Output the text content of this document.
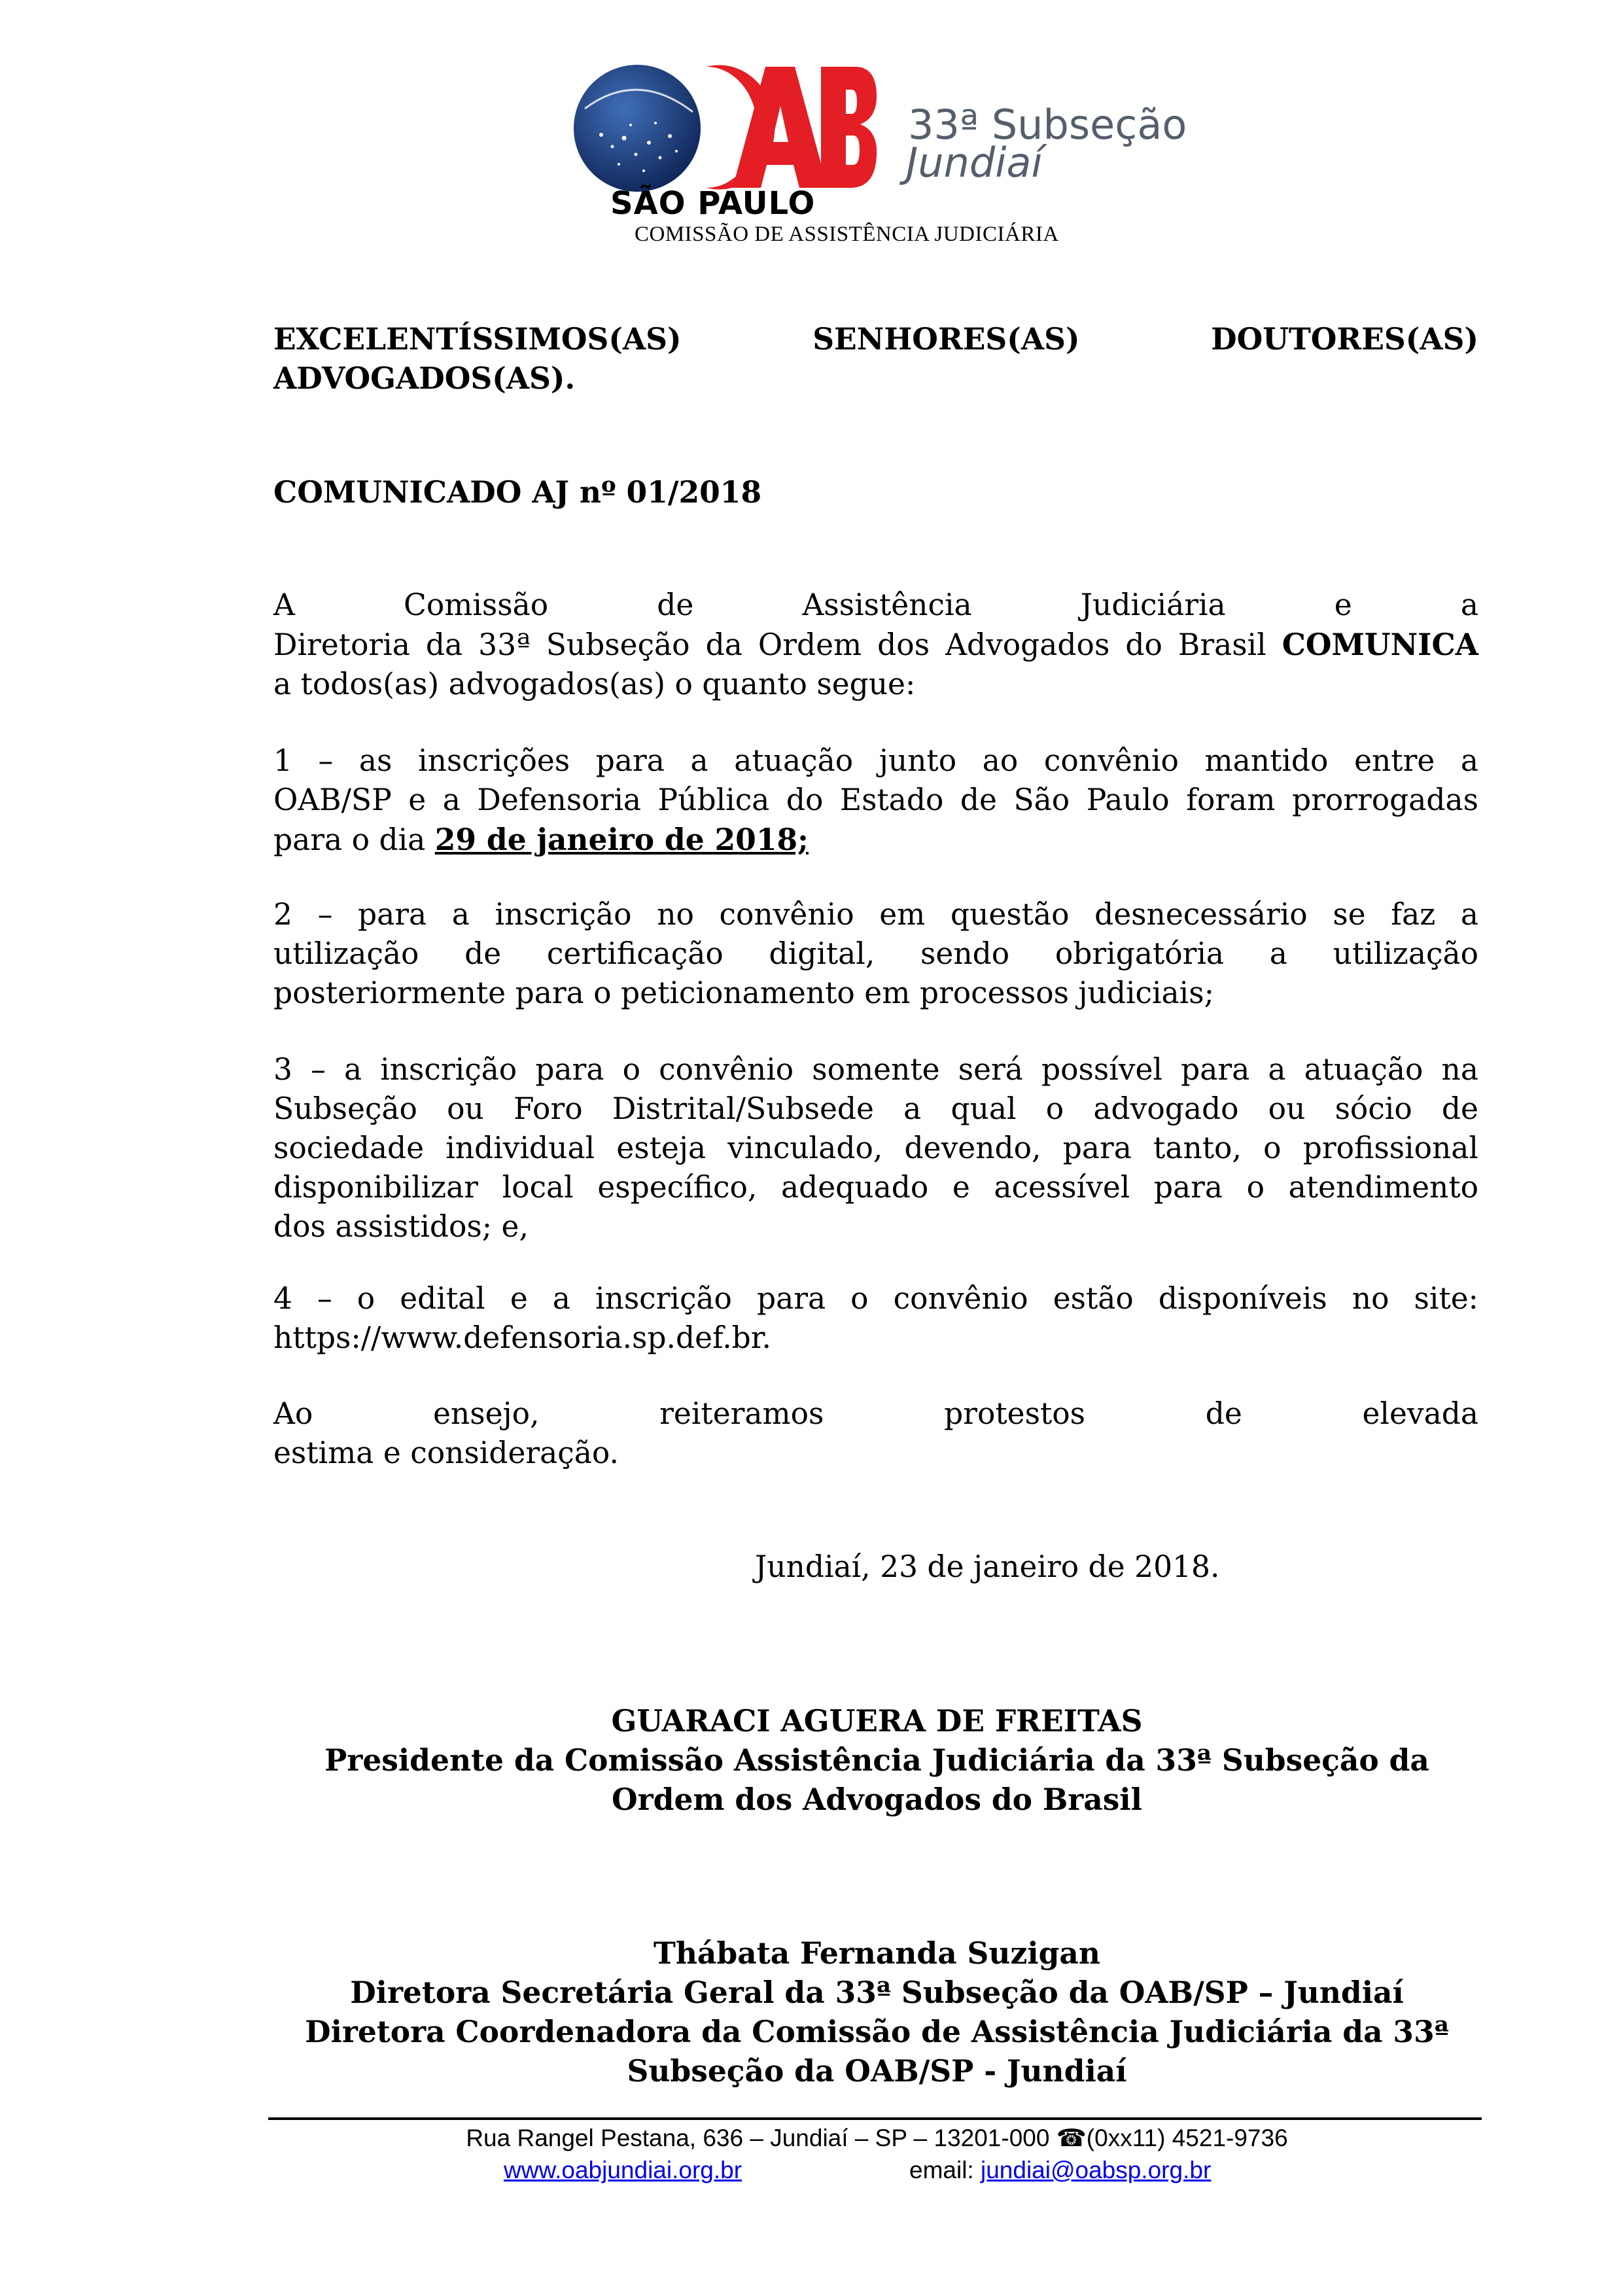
SÃO PAULO
33ª Subseção
Jundiaí
COMISSÃO DE ASSISTÊNCIA JUDICIÁRIA
EXCELENTÍSSIMOS(AS)	SENHORES(AS)	DOUTORES(AS)
ADVOGADOS(AS).
COMUNICADO AJ nº 01/2018

A Comissão de Assistência Judiciária e a

Diretoria da 33ª Subseção da Ordem dos Advogados do Brasil COMUNICA

a todos(as) advogados(as) o quanto segue:

1 – as inscrições para a atuação junto ao convênio mantido entre a

OAB/SP e a Defensoria Pública do Estado de São Paulo foram prorrogadas

para o dia 29 de janeiro de 2018;

2 – para a inscrição no convênio em questão desnecessário se faz a

utilização de certificação digital, sendo obrigatória a utilização

posteriormente para o peticionamento em processos judiciais;

3 – a inscrição para o convênio somente será possível para a atuação na

Subseção ou Foro Distrital/Subsede a qual o advogado ou sócio de

sociedade individual esteja vinculado, devendo, para tanto, o profissional

disponibilizar local específico, adequado e acessível para o atendimento

dos assistidos; e,

4 – o edital e a inscrição para o convênio estão disponíveis no site:

https://www.defensoria.sp.def.br.

Ao ensejo, reiteramos protestos de elevada

estima e consideração.

Jundiaí, 23 de janeiro de 2018.
GUARACI AGUERA DE FREITAS
Presidente da Comissão Assistência Judiciária da 33ª Subseção da
Ordem dos Advogados do Brasil
Thábata Fernanda Suzigan
Diretora Secretária Geral da 33ª Subseção da OAB/SP – Jundiaí
Diretora Coordenadora da Comissão de Assistência Judiciária da 33ª
Subseção da OAB/SP - Jundiaí
Rua Rangel Pestana, 636 – Jundiaí – SP – 13201-000 ☎(0xx11) 4521-9736
www.oabjundiai.org.br	email: jundiai@oabsp.org.br
